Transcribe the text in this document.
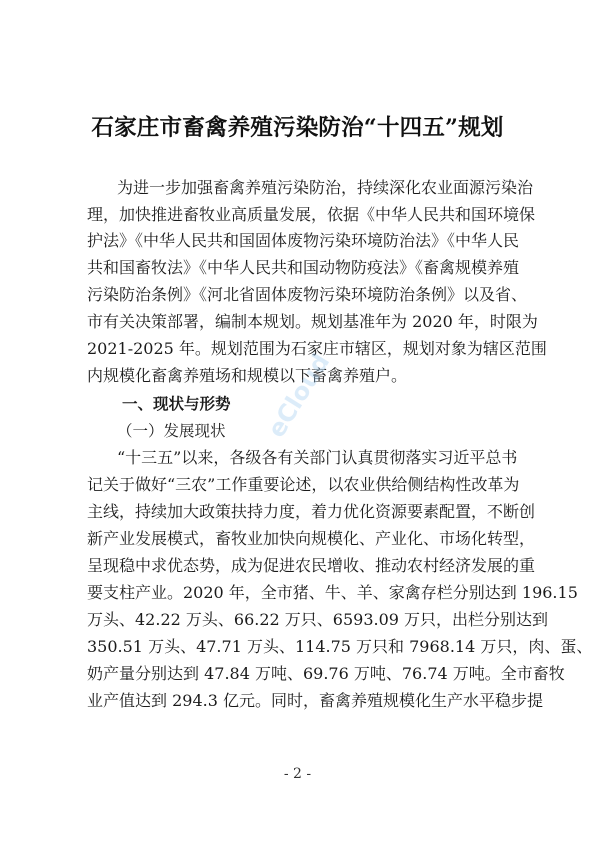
石家庄市畜禽养殖污染防治“十四五”规划
为进一步加强畜禽养殖污染防治，持续深化农业面源污染治
理，加快推进畜牧业高质量发展，依据《中华人民共和国环境保
护法》《中华人民共和国固体废物污染环境防治法》《中华人民
共和国畜牧法》《中华人民共和国动物防疫法》《畜禽规模养殖
污染防治条例》《河北省固体废物污染环境防治条例》以及省、
市有关决策部署，编制本规划。规划基准年为 2020 年，时限为
2021-2025 年。规划范围为石家庄市辖区，规划对象为辖区范围
内规模化畜禽养殖场和规模以下畜禽养殖户。
一、现状与形势
（一）发展现状
“十三五”以来，各级各有关部门认真贯彻落实习近平总书
记关于做好“三农”工作重要论述，以农业供给侧结构性改革为
主线，持续加大政策扶持力度，着力优化资源要素配置，不断创
新产业发展模式，畜牧业加快向规模化、产业化、市场化转型，
呈现稳中求优态势，成为促进农民增收、推动农村经济发展的重
要支柱产业。2020 年，全市猪、牛、羊、家禽存栏分别达到 196.15
万头、42.22 万头、66.22 万只、6593.09 万只，出栏分别达到
350.51 万头、47.71 万头、114.75 万只和 7968.14 万只，肉、蛋、
奶产量分别达到 47.84 万吨、69.76 万吨、76.74 万吨。全市畜牧
业产值达到 294.3 亿元。同时，畜禽养殖规模化生产水平稳步提
eCloud
- 2 -
